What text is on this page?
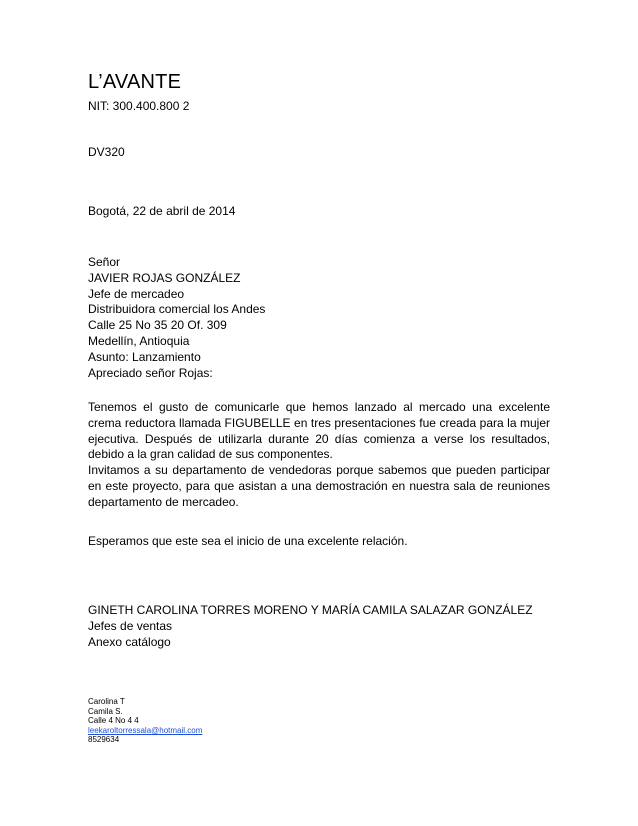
L’AVANTE
NIT: 300.400.800 2
DV320
Bogotá, 22 de abril de 2014
Señor
JAVIER ROJAS GONZÁLEZ
Jefe de mercadeo
Distribuidora comercial los Andes
Calle 25 No 35 20 Of. 309
Medellín, Antioquia
Asunto: Lanzamiento
Apreciado señor Rojas:

Tenemos el gusto de comunicarle que hemos lanzado al mercado una excelente crema reductora llamada FIGUBELLE en tres presentaciones fue creada para la mujer ejecutiva. Después de utilizarla durante 20 días comienza a verse los resultados, debido a la gran calidad de sus componentes.

Invitamos a su departamento de vendedoras porque sabemos que pueden participar en este proyecto, para que asistan a una demostración en nuestra sala de reuniones departamento de mercadeo.

Esperamos que este sea el inicio de una excelente relación.
GINETH CAROLINA TORRES MORENO Y MARÍA CAMILA SALAZAR GONZÁLEZ
Jefes de ventas
Anexo catálogo
Carolina T
Camila S.
Calle 4 No 4 4
leekaroltorressala@hotmail.com
8529634
